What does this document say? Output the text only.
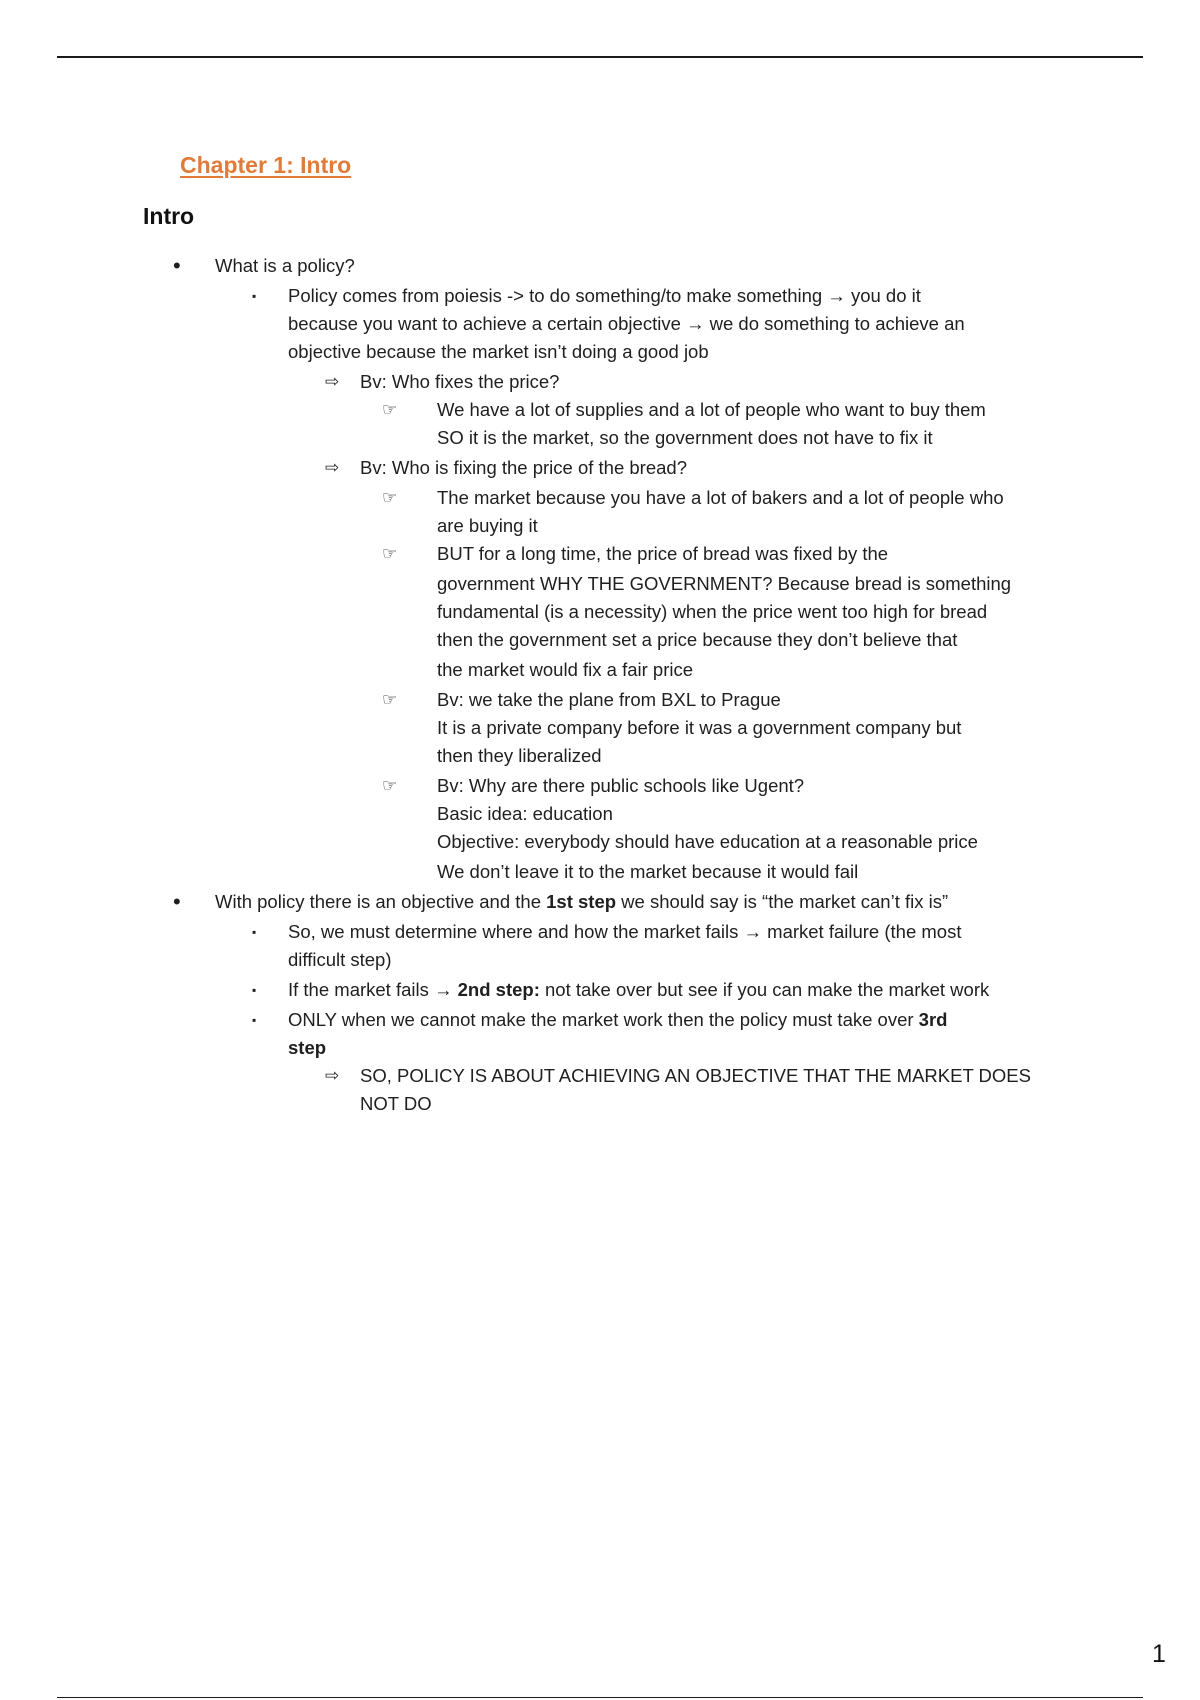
Chapter 1: Intro
Intro
• What is a policy?
▪ Policy comes from poiesis -> to do something/to make something → you do it
because you want to achieve a certain objective → we do something to achieve an
objective because the market isn’t doing a good job
⇨ Bv: Who fixes the price?
☞ We have a lot of supplies and a lot of people who want to buy them
SO it is the market, so the government does not have to fix it
⇨ Bv: Who is fixing the price of the bread?
☞ The market because you have a lot of bakers and a lot of people who
are buying it
☞ BUT for a long time, the price of bread was fixed by the
government WHY THE GOVERNMENT? Because bread is something
fundamental (is a necessity) when the price went too high for bread
then the government set a price because they don’t believe that
the market would fix a fair price
☞ Bv: we take the plane from BXL to Prague
It is a private company before it was a government company but
then they liberalized
☞ Bv: Why are there public schools like Ugent?
Basic idea: education
Objective: everybody should have education at a reasonable price
We don’t leave it to the market because it would fail
• With policy there is an objective and the 1st step we should say is “the market can’t fix is”
▪ So, we must determine where and how the market fails → market failure (the most
difficult step)
▪ If the market fails → 2nd step: not take over but see if you can make the market work
▪ ONLY when we cannot make the market work then the policy must take over 3rd
step
⇨ SO, POLICY IS ABOUT ACHIEVING AN OBJECTIVE THAT THE MARKET DOES
NOT DO
1
